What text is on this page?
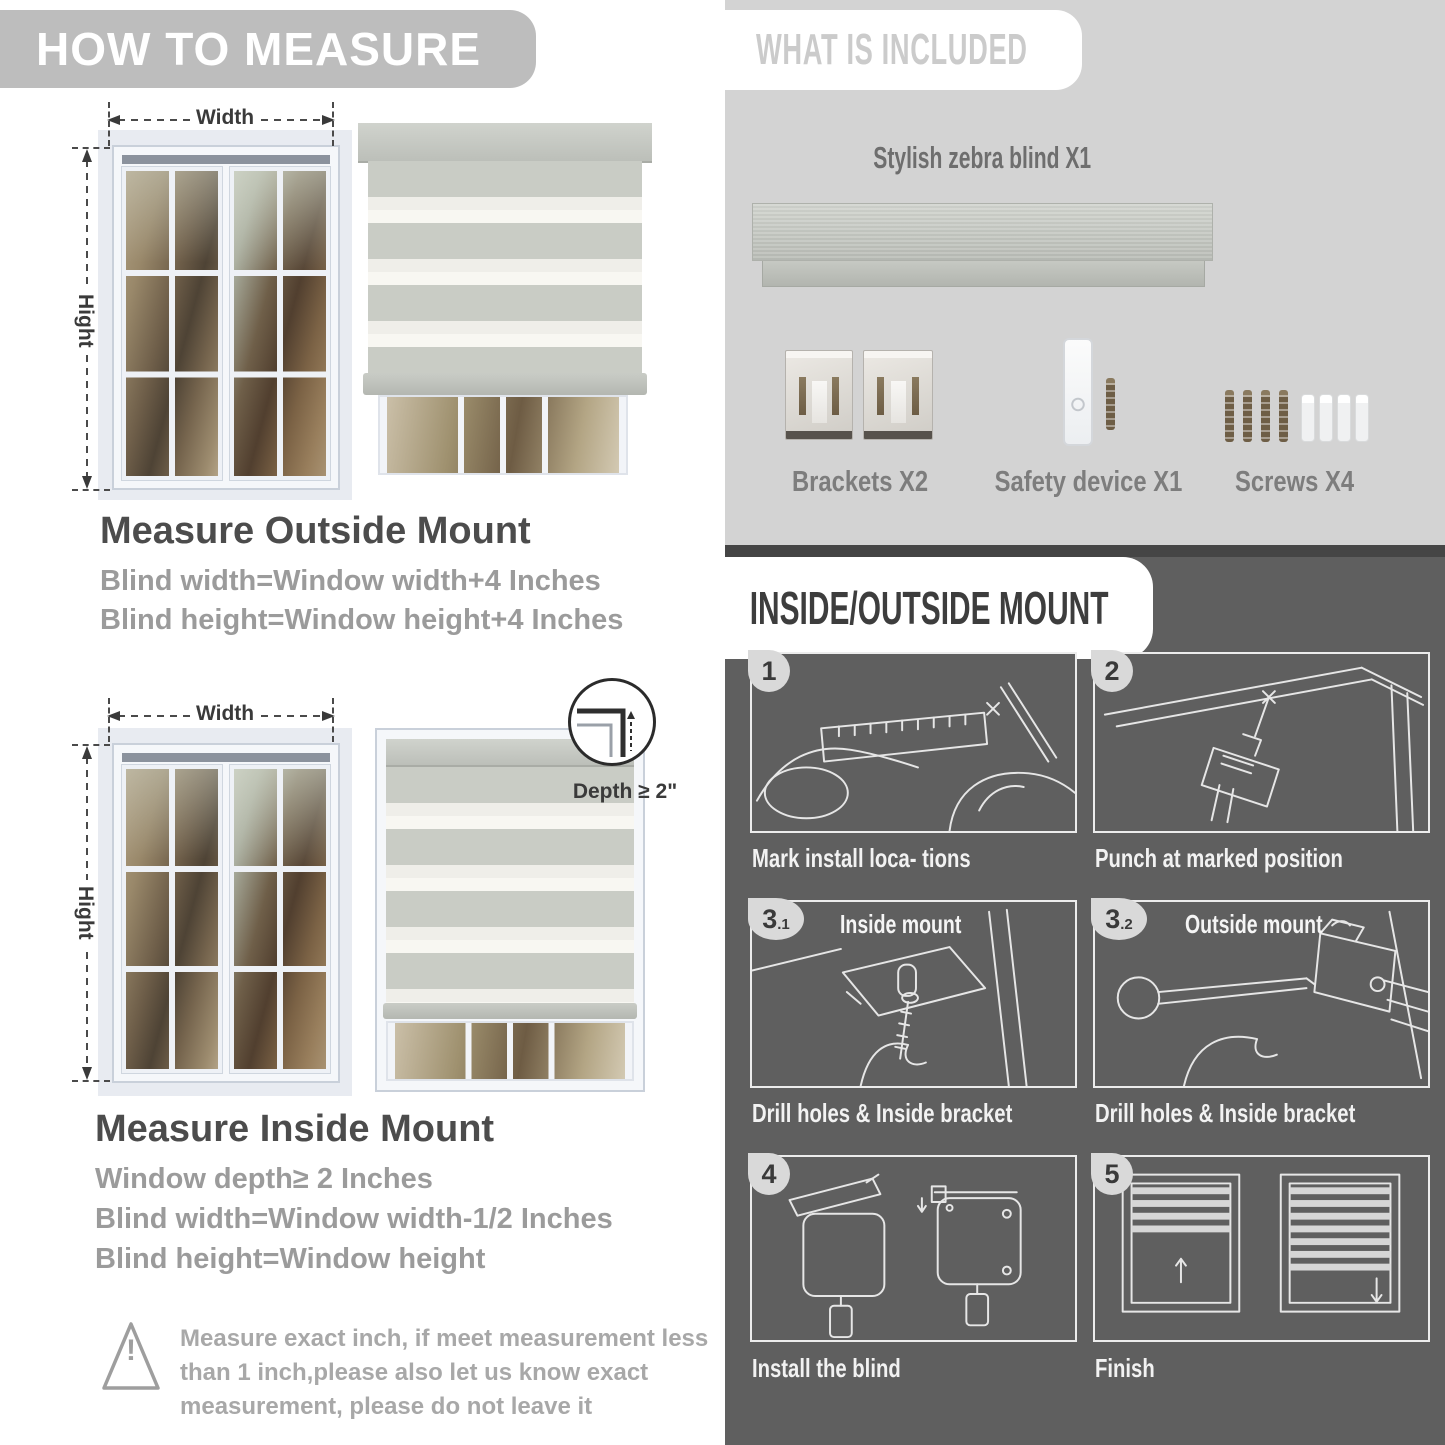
HOW TO MEASURE
Width
Hight
Measure Outside Mount
Blind width=Window width+4 Inches
Blind height=Window height+4 Inches
Width
Hight
Depth ≥ 2"
Measure Inside Mount
Window depth≥ 2 Inches
Blind width=Window width-1/2 Inches
Blind height=Window height
!	Measure exact inch, if meet measurement less
than 1 inch,please also let us know exact
measurement, please do not leave it
WHAT IS INCLUDED
Stylish zebra blind X1
Brackets X2	Safety device X1	Screws X4
INSIDE/OUTSIDE MOUNT
1
Mark install loca- tions
2
Punch at marked position
3 .1 Inside mount
Drill holes & Inside bracket
3 .2 Outside mount
Drill holes & Inside bracket
4
Install the blind
5
Finish
